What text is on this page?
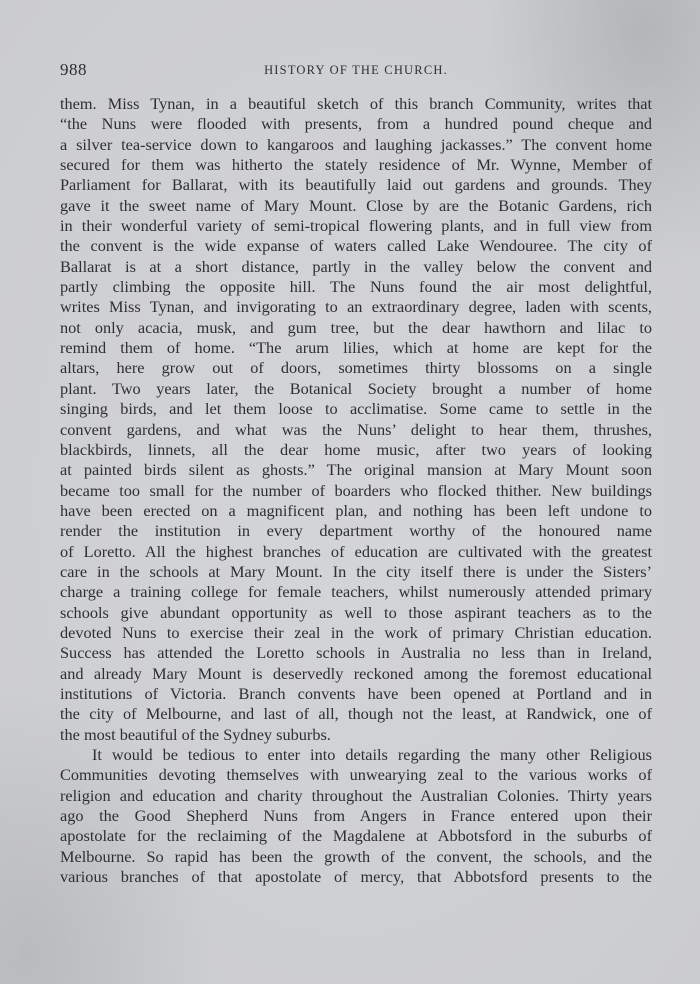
988	HISTORY OF THE CHURCH.
them. Miss Tynan, in a beautiful sketch of this branch Community, writes that
“the Nuns were flooded with presents, from a hundred pound cheque and
a silver tea-service down to kangaroos and laughing jackasses.” The convent home
secured for them was hitherto the stately residence of Mr. Wynne, Member of
Parliament for Ballarat, with its beautifully laid out gardens and grounds. They
gave it the sweet name of Mary Mount. Close by are the Botanic Gardens, rich
in their wonderful variety of semi-tropical flowering plants, and in full view from
the convent is the wide expanse of waters called Lake Wendouree. The city of
Ballarat is at a short distance, partly in the valley below the convent and
partly climbing the opposite hill. The Nuns found the air most delightful,
writes Miss Tynan, and invigorating to an extraordinary degree, laden with scents,
not only acacia, musk, and gum tree, but the dear hawthorn and lilac to
remind them of home. “The arum lilies, which at home are kept for the
altars, here grow out of doors, sometimes thirty blossoms on a single
plant. Two years later, the Botanical Society brought a number of home
singing birds, and let them loose to acclimatise. Some came to settle in the
convent gardens, and what was the Nuns’ delight to hear them, thrushes,
blackbirds, linnets, all the dear home music, after two years of looking
at painted birds silent as ghosts.” The original mansion at Mary Mount soon
became too small for the number of boarders who flocked thither. New buildings
have been erected on a magnificent plan, and nothing has been left undone to
render the institution in every department worthy of the honoured name
of Loretto. All the highest branches of education are cultivated with the greatest
care in the schools at Mary Mount. In the city itself there is under the Sisters’
charge a training college for female teachers, whilst numerously attended primary
schools give abundant opportunity as well to those aspirant teachers as to the
devoted Nuns to exercise their zeal in the work of primary Christian education.
Success has attended the Loretto schools in Australia no less than in Ireland,
and already Mary Mount is deservedly reckoned among the foremost educational
institutions of Victoria. Branch convents have been opened at Portland and in
the city of Melbourne, and last of all, though not the least, at Randwick, one of
the most beautiful of the Sydney suburbs.
It would be tedious to enter into details regarding the many other Religious
Communities devoting themselves with unwearying zeal to the various works of
religion and education and charity throughout the Australian Colonies. Thirty years
ago the Good Shepherd Nuns from Angers in France entered upon their
apostolate for the reclaiming of the Magdalene at Abbotsford in the suburbs of
Melbourne. So rapid has been the growth of the convent, the schools, and the
various branches of that apostolate of mercy, that Abbotsford presents to the
